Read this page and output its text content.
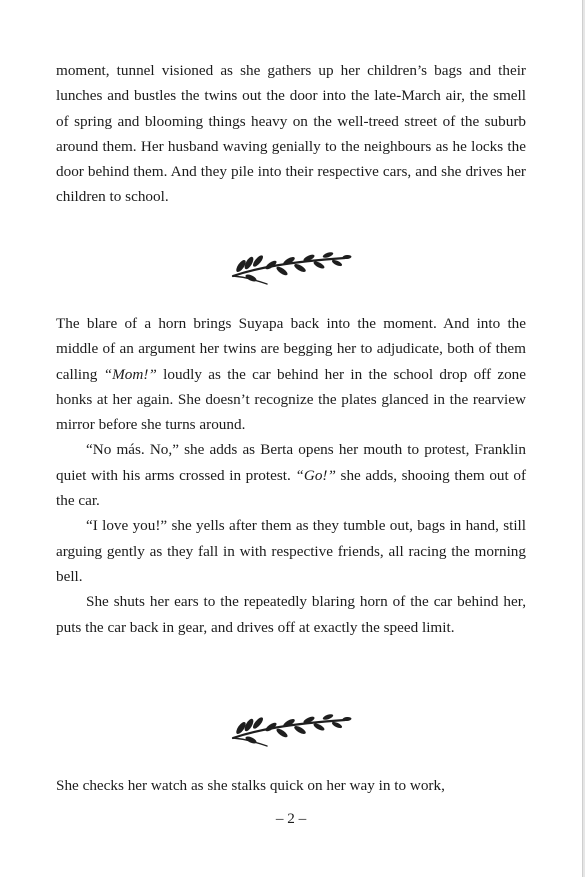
moment, tunnel visioned as she gathers up her children’s bags and their lunches and bustles the twins out the door into the late-March air, the smell of spring and blooming things heavy on the well-treed street of the suburb around them. Her husband waving genially to the neighbours as he locks the door behind them. And they pile into their respective cars, and she drives her children to school.

The blare of a horn brings Suyapa back into the moment. And into the middle of an argument her twins are begging her to adjudicate, both of them calling “Mom!” loudly as the car behind her in the school drop off zone honks at her again. She doesn’t recognize the plates glanced in the rearview mirror before she turns around.

“No más. No,” she adds as Berta opens her mouth to protest, Franklin quiet with his arms crossed in protest. “Go!” she adds, shooing them out of the car.

“I love you!” she yells after them as they tumble out, bags in hand, still arguing gently as they fall in with respective friends, all racing the morning bell.

She shuts her ears to the repeatedly blaring horn of the car behind her, puts the car back in gear, and drives off at exactly the speed limit.

She checks her watch as she stalks quick on her way in to work,

– 2 –
